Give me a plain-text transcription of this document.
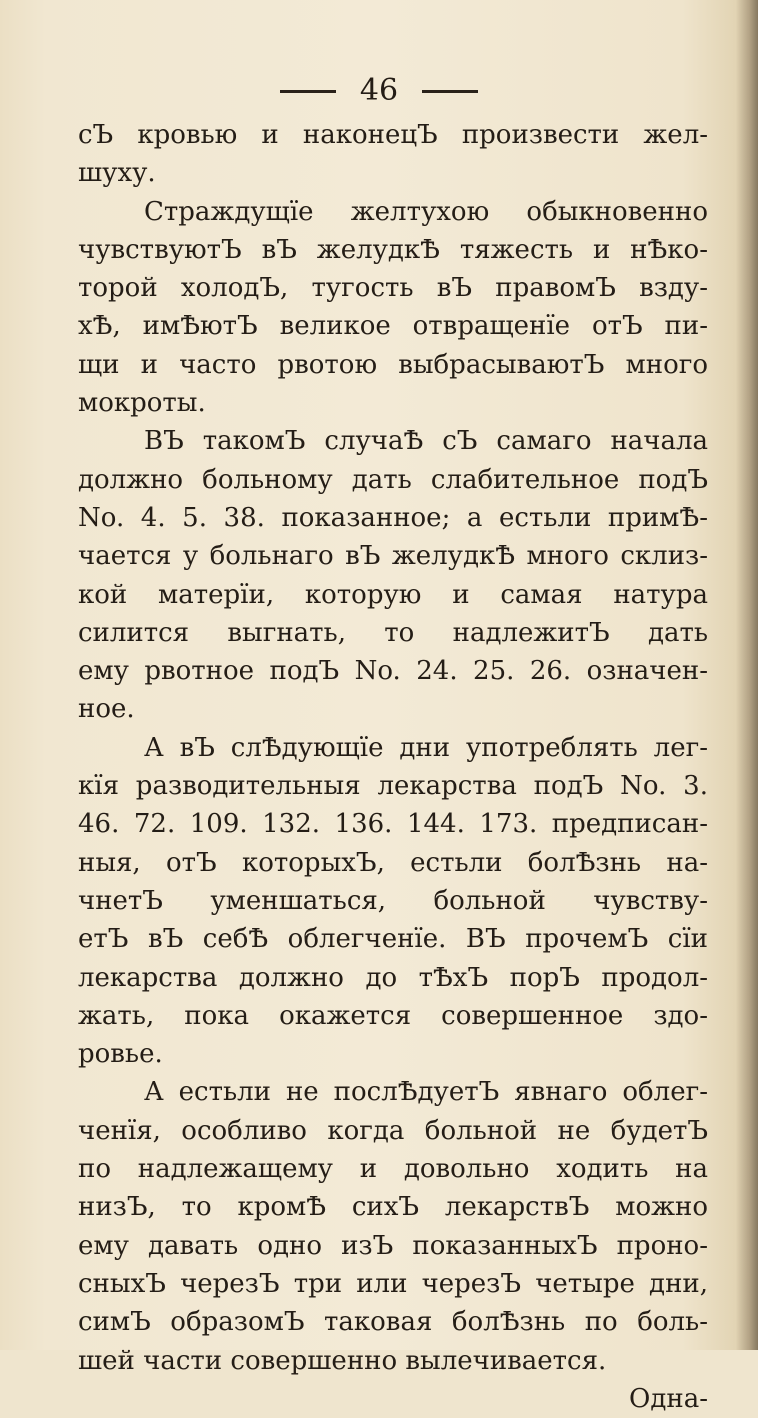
46
сЪ кровью и наконецЪ произвести жел-
шуху.
Страждущїе желтухою обыкновенно
чувствуютЪ вЪ желудкѢ тяжесть и нѢко-
торой холодЪ, тугость вЪ правомЪ взду-
хѢ, имѢютЪ великое отвращенїе отЪ пи-
щи и часто рвотою выбрасываютЪ много
мокроты.
ВЪ такомЪ случаѢ сЪ самаго начала
должно больному дать слабительное подЪ
No. 4. 5. 38. показанное; а естьли примѢ-
чается у больнаго вЪ желудкѢ много склиз-
кой матерїи, которую и самая натура
силится выгнать, то надлежитЪ дать
ему рвотное подЪ No. 24. 25. 26. означен-
ное.
А вЪ слѢдующїе дни употреблять лег-
кїя разводительныя лекарства подЪ No. 3.
46. 72. 109. 132. 136. 144. 173. предписан-
ныя, отЪ которыхЪ, естьли болѢзнь на-
чнетЪ уменшаться, больной чувству-
етЪ вЪ себѢ облегченїе. ВЪ прочемЪ сїи
лекарства должно до тѢхЪ порЪ продол-
жать, пока окажется совершенное здо-
ровье.
А естьли не послѢдуетЪ явнаго облег-
ченїя, особливо когда больной не будетЪ
по надлежащему и довольно ходить на
низЪ, то кромѢ сихЪ лекарствЪ можно
ему давать одно изЪ показанныхЪ проно-
сныхЪ черезЪ три или черезЪ четыре дни,
симЪ образомЪ таковая болѢзнь по боль-
шей части совершенно вылечивается.
Одна-
